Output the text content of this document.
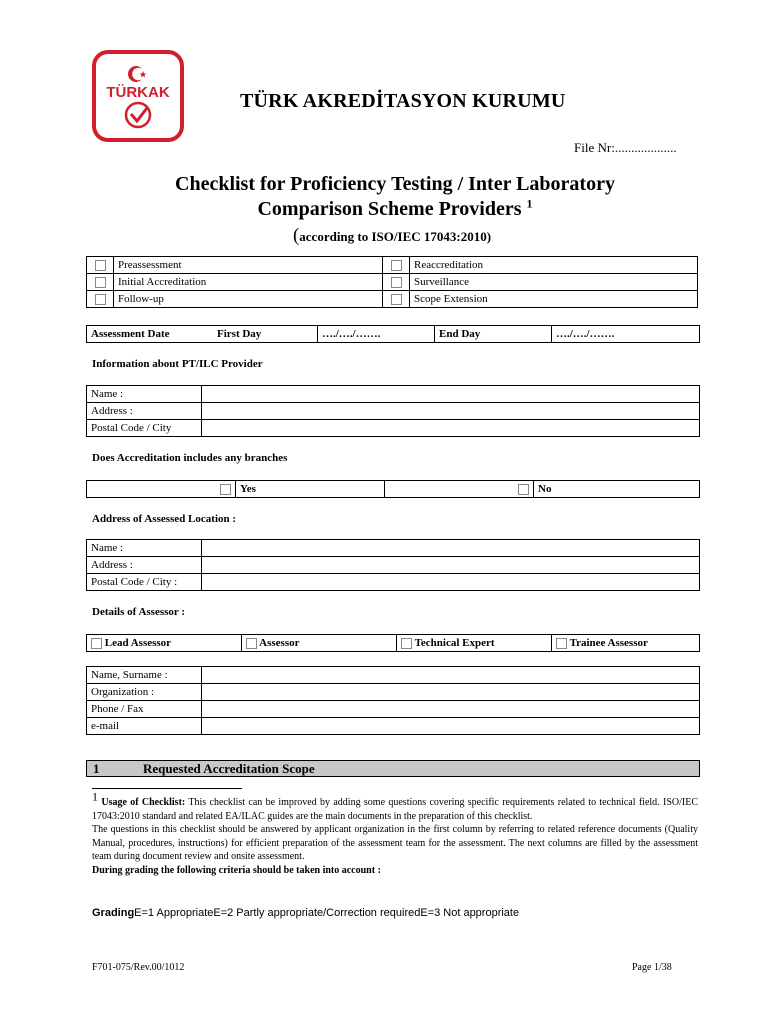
TÜRKAK	TÜRK AKREDİTASYON KURUMU
File Nr:...................
Checklist for Proficiency Testing / Inter Laboratory
Comparison Scheme Providers $^1$
(according to ISO/IEC 17043:2010)
	Preassessment		Reaccreditation
	Initial Accreditation		Surveillance
	Follow-up		Scope Extension
Assessment Date	First Day	…./…./…….	End Day	…./…./…….
Information about PT/ILC Provider
Name :	
Address :	
Postal Code / City	
Does Accreditation includes any branches
	Yes		No
Address of Assessed Location :
Name :	
Address :	
Postal Code / City :	
Details of Assessor :
Lead Assessor	Assessor	Technical Expert	Trainee Assessor
Name, Surname :	
Organization :	
Phone / Fax	
e-mail	
1	Requested Accreditation Scope
1 Usage of Checklist: This checklist can be improved by adding some questions covering specific requirements related to technical field. ISO/IEC 17043:2010 standard and related EA/ILAC guides are the main documents in the preparation of this checklist.
The questions in this checklist should be answered by applicant organization in the first column by referring to related reference documents (Quality Manual, procedures, instructions) for efficient preparation of the assessment team for the assessment. The next columns are filled by the assessment team during document review and onsite assessment.
During grading the following criteria should be taken into account :
GradingE=1 AppropriateE=2 Partly appropriate/Correction requiredE=3 Not appropriate
F701-075/Rev.00/1012	Page 1/38
